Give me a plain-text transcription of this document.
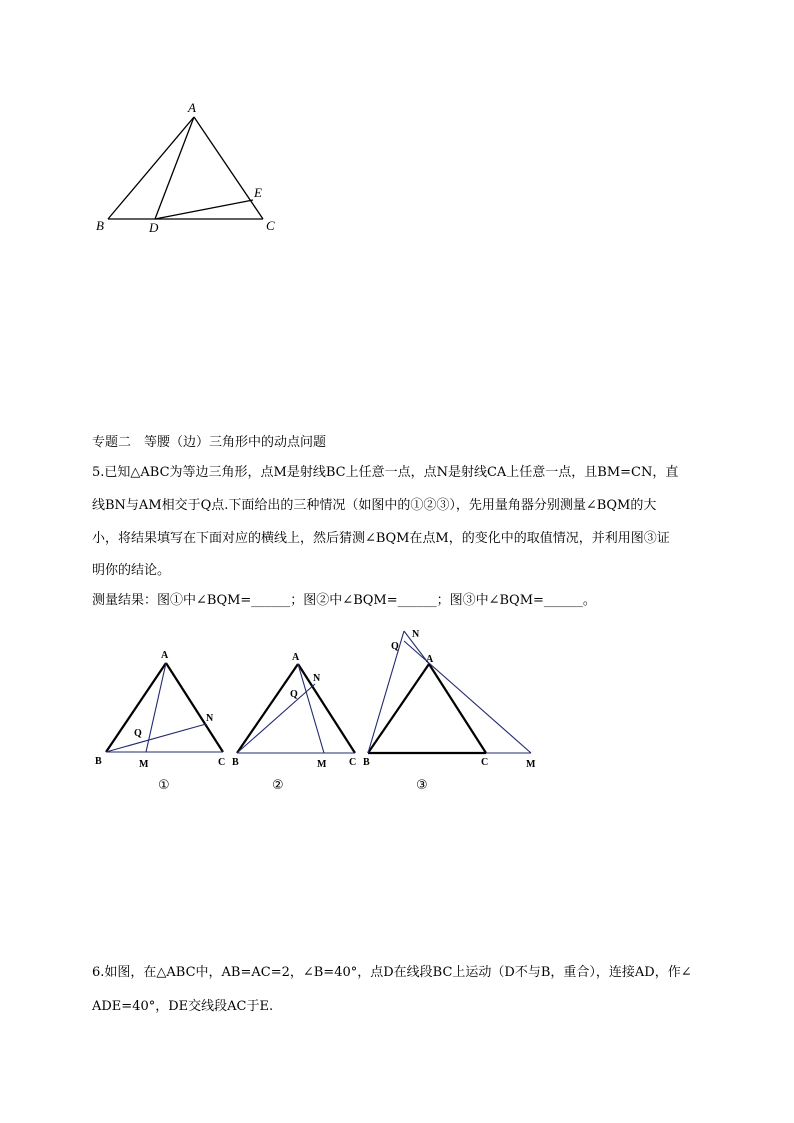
A
B	C
D
E

专题二　等腰（边）三角形中的动点问题

5.已知△ABC为等边三角形，点M是射线BC上任意一点，点N是射线CA上任意一点，且BM=CN，直

线BN与AM相交于Q点.下面给出的三种情况（如图中的①②③），先用量角器分别测量∠BQM的大

小，将结果填写在下面对应的横线上，然后猜测∠BQM在点M，的变化中的取值情况，并利用图③证

明你的结论。

测量结果：图①中∠BQM=______；图②中∠BQM=______；图③中∠BQM=______。

A
B	C
M
N
Q
①
A
B	C
M
N
Q
②
A
B	C	M
N
Q
③

6.如图，在△ABC中，AB=AC=2，∠B=40°，点D在线段BC上运动（D不与B，重合），连接AD，作∠

ADE=40°，DE交线段AC于E.
